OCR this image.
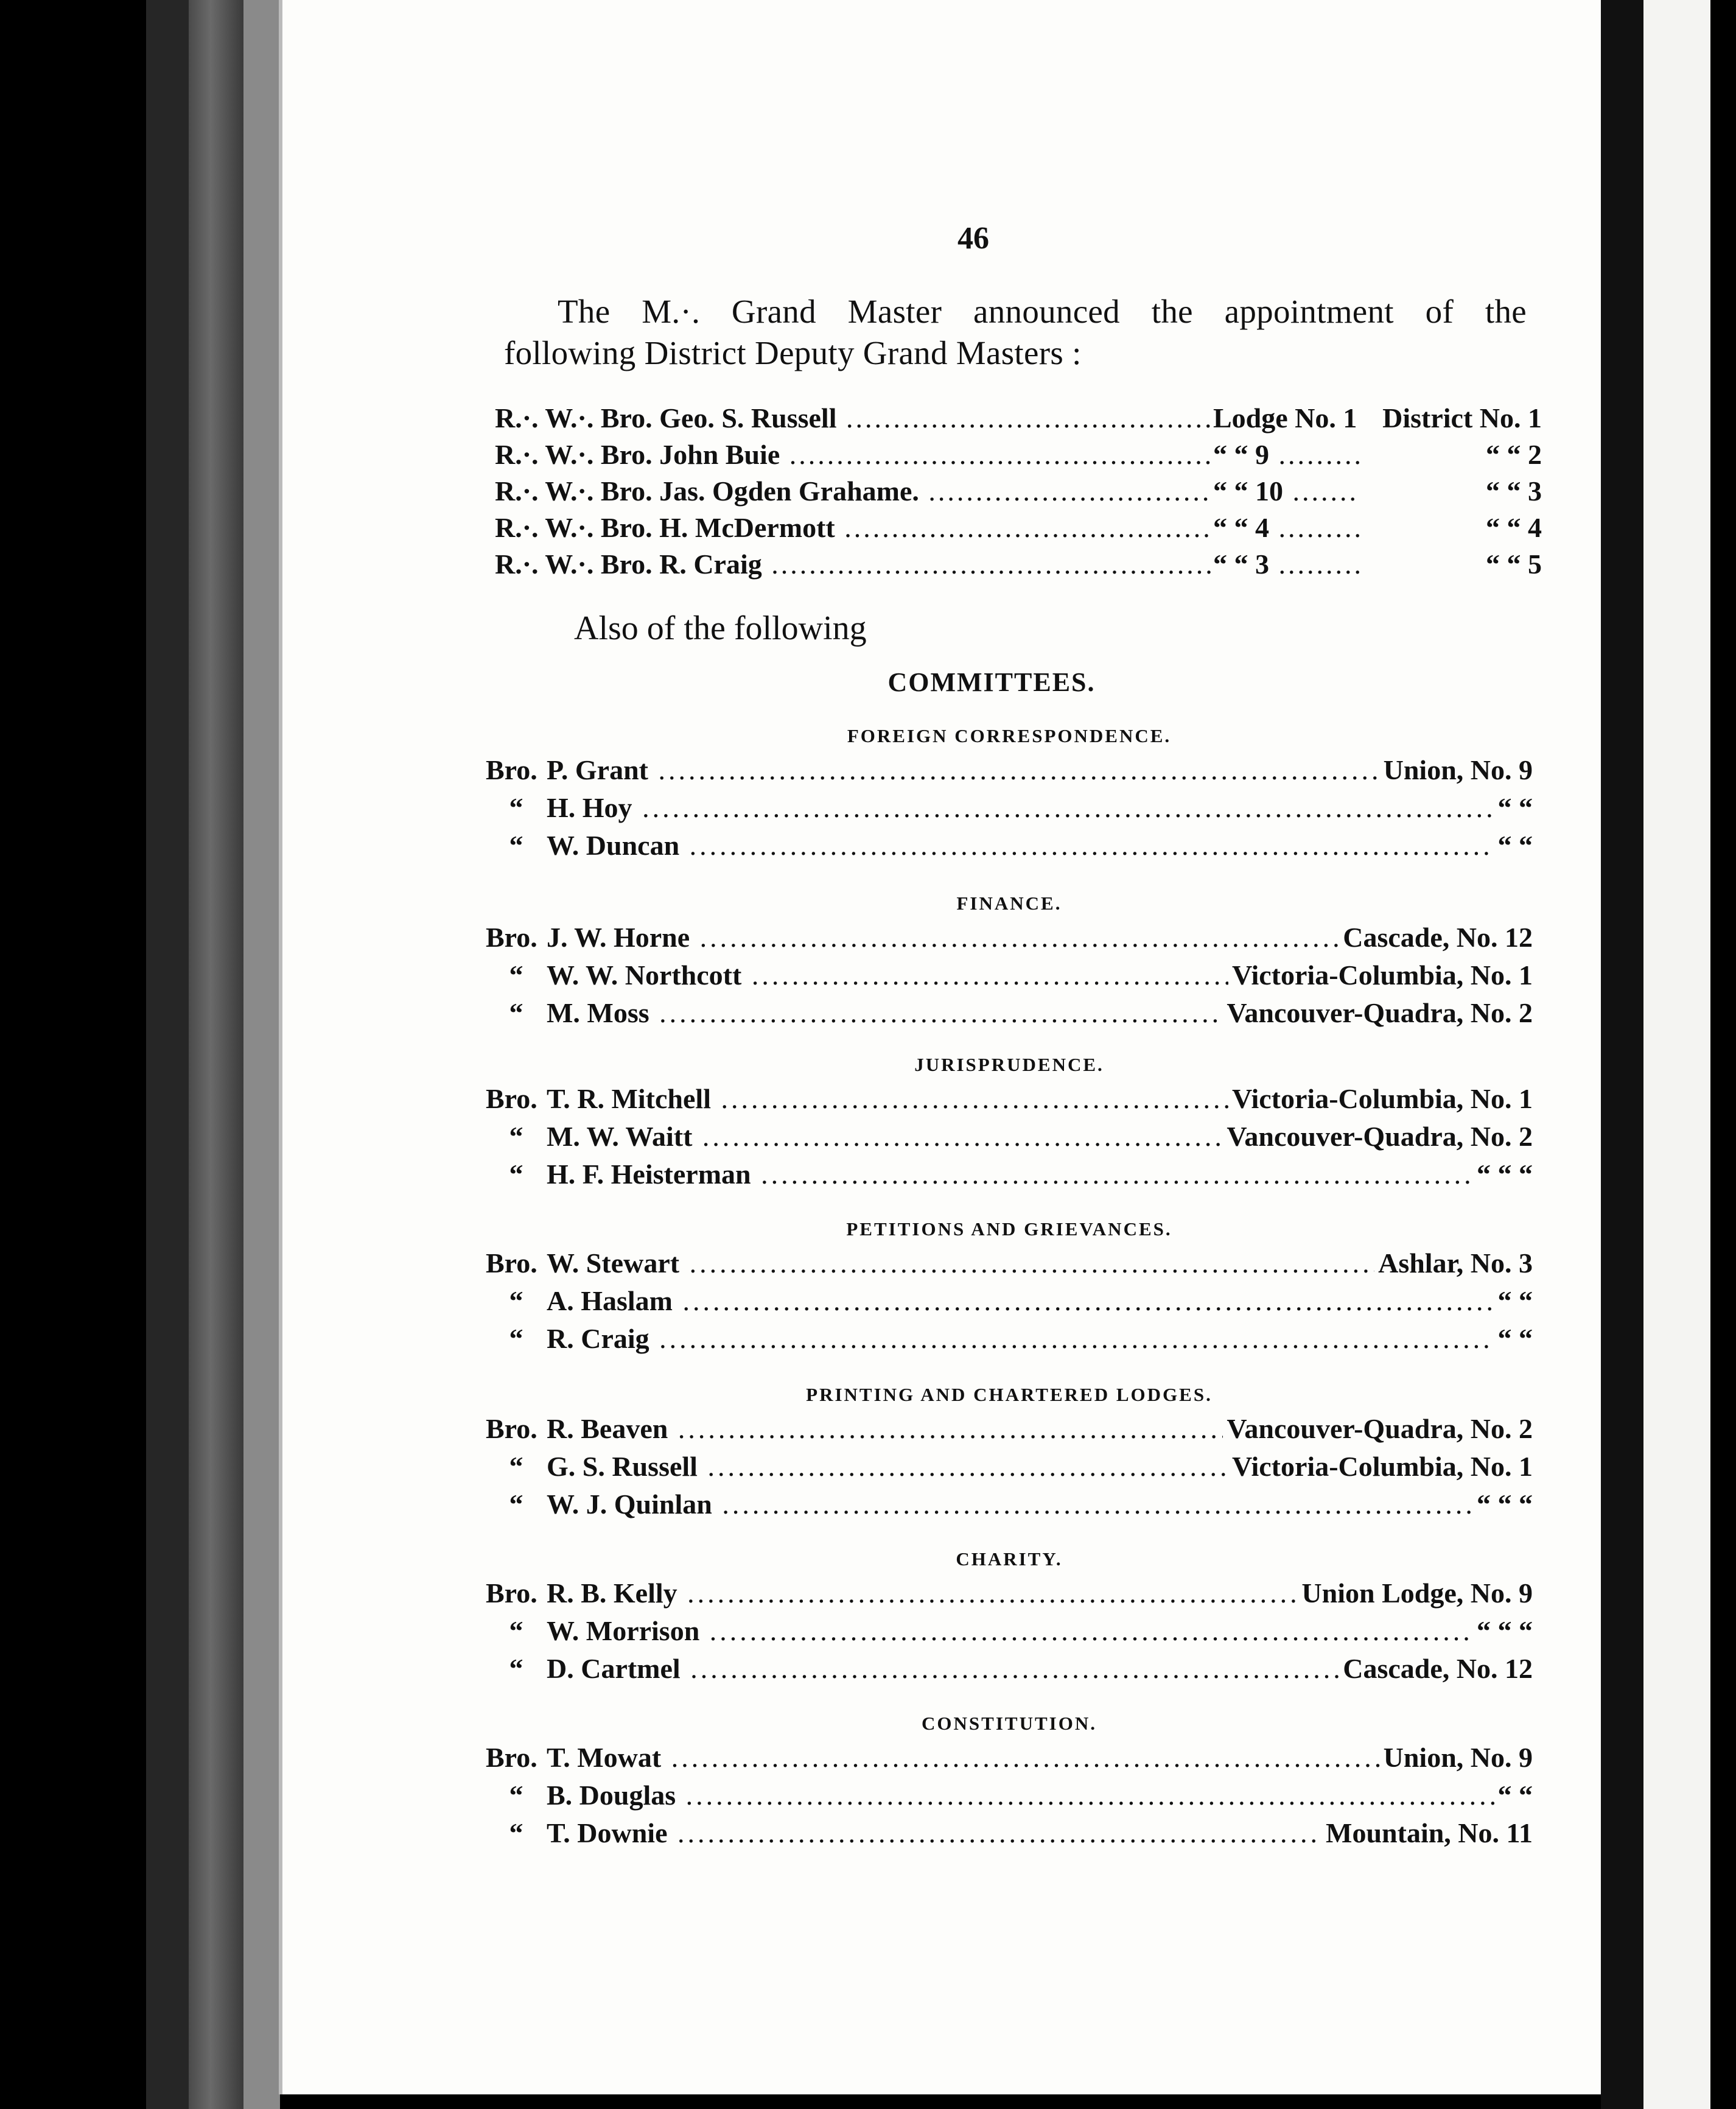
46
The M.·. Grand Master announced the appointment of the
following District Deputy Grand Masters :
R.·. W.·. Bro. Geo. S. Russell .....	Lodge No. 1 ..... District No. 1
R.·. W.·. Bro. John Buie .....	“ “ 9 .....	“ “ 2
R.·. W.·. Bro. Jas. Ogden Grahame. .....	“ “ 10 .....	“ “ 3
R.·. W.·. Bro. H. McDermott .....	“ “ 4 .....	“ “ 4
R.·. W.·. Bro. R. Craig .....	“ “ 3 .....	“ “ 5
Also of the following
COMMITTEES.
FOREIGN CORRESPONDENCE.
Bro. P. Grant .....	Union, No. 9
“ H. Hoy .....	“ “
“ W. Duncan .....	“ “
FINANCE.
Bro. J. W. Horne .....	Cascade, No. 12
“ W. W. Northcott .....	Victoria-Columbia, No. 1
“ M. Moss .....	Vancouver-Quadra, No. 2
JURISPRUDENCE.
Bro. T. R. Mitchell .....	Victoria-Columbia, No. 1
“ M. W. Waitt .....	Vancouver-Quadra, No. 2
“ H. F. Heisterman .....	“ “ “
PETITIONS AND GRIEVANCES.
Bro. W. Stewart .....	Ashlar, No. 3
“ A. Haslam .....	“ “
“ R. Craig .....	“ “
PRINTING AND CHARTERED LODGES.
Bro. R. Beaven .....	Vancouver-Quadra, No. 2
“ G. S. Russell .....	Victoria-Columbia, No. 1
“ W. J. Quinlan .....	“ “ “
CHARITY.
Bro. R. B. Kelly .....	Union Lodge, No. 9
“ W. Morrison .....	“ “ “
“ D. Cartmel .....	Cascade, No. 12
CONSTITUTION.
Bro. T. Mowat .....	Union, No. 9
“ B. Douglas .....	“ “
“ T. Downie .....	Mountain, No. 11
